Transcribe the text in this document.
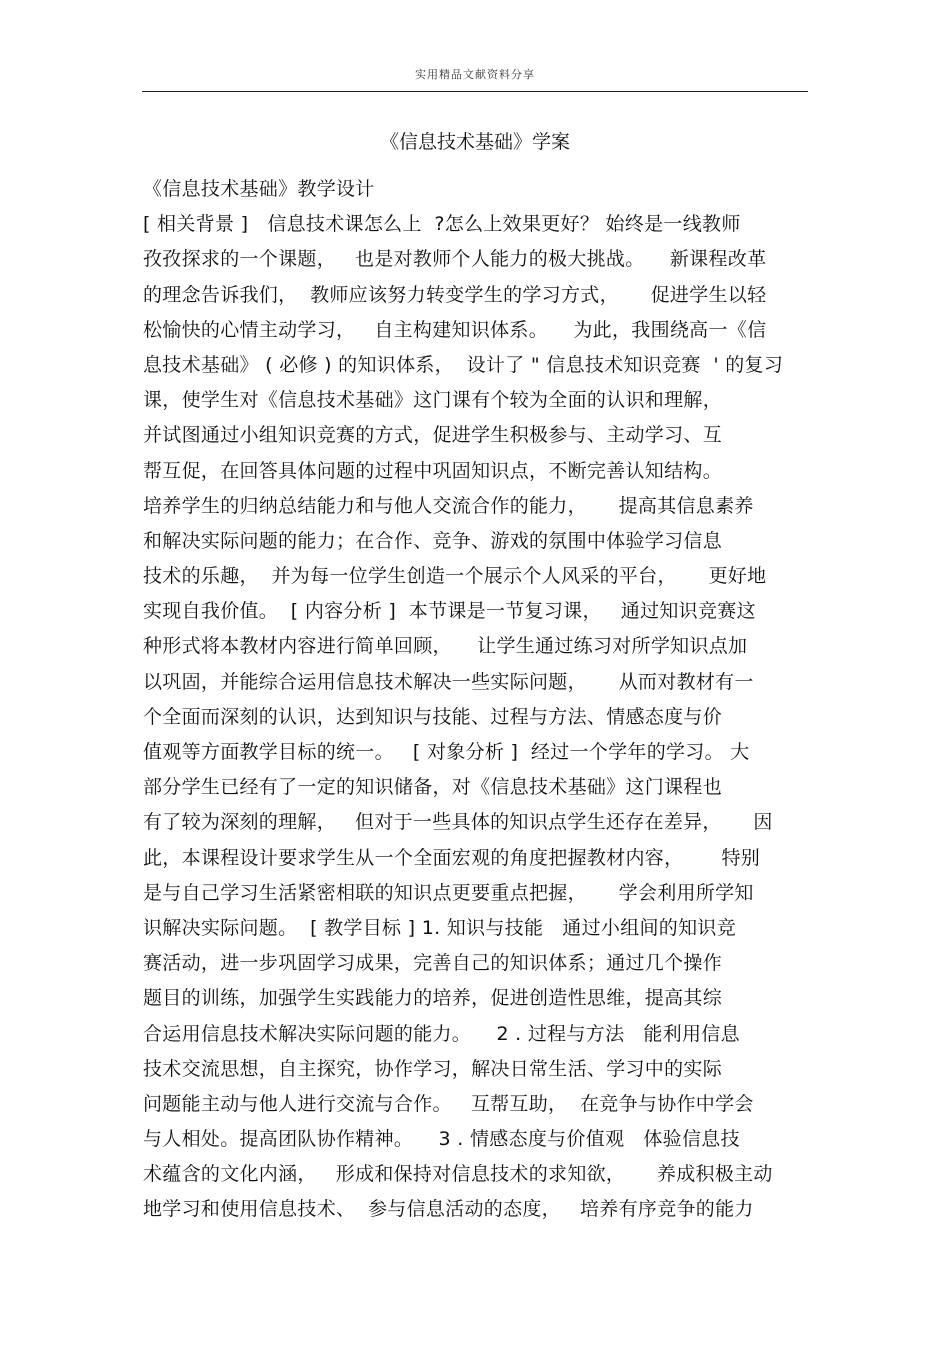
实用精品文献资料分享
《信息技术基础》学案
《信息技术基础》教学设计
[ 相关背景 ]   信息技术课怎么上  ?怎么上效果更好？ 始终是一线教师
孜孜探求的一个课题，   也是对教师个人能力的极大挑战。    新课程改革
的理念告诉我们，  教师应该努力转变学生的学习方式，     促进学生以轻
松愉快的心情主动学习，   自主构建知识体系。    为此，我围绕高一《信
息技术基础》 ( 必修 ) 的知识体系，  设计了 " 信息技术知识竞赛  ' 的复习
课，使学生对《信息技术基础》这门课有个较为全面的认识和理解，
并试图通过小组知识竞赛的方式，促进学生积极参与、主动学习、互
帮互促，在回答具体问题的过程中巩固知识点，不断完善认知结构。
培养学生的归纳总结能力和与他人交流合作的能力，     提高其信息素养
和解决实际问题的能力；在合作、竞争、游戏的氛围中体验学习信息
技术的乐趣，  并为每一位学生创造一个展示个人风采的平台，     更好地
实现自我价值。  [ 内容分析 ]  本节课是一节复习课，   通过知识竞赛这
种形式将本教材内容进行简单回顾，    让学生通过练习对所学知识点加
以巩固，并能综合运用信息技术解决一些实际问题，     从而对教材有一
个全面而深刻的认识，达到知识与技能、过程与方法、情感态度与价
值观等方面教学目标的统一。   [ 对象分析 ]  经过一个学年的学习。 大
部分学生已经有了一定的知识储备，对《信息技术基础》这门课程也
有了较为深刻的理解，   但对于一些具体的知识点学生还存在差异，     因
此，本课程设计要求学生从一个全面宏观的角度把握教材内容，      特别
是与自己学习生活紧密相联的知识点更要重点把握，     学会利用所学知
识解决实际问题。  [ 教学目标 ] 1. 知识与技能   通过小组间的知识竞
赛活动，进一步巩固学习成果，完善自己的知识体系；通过几个操作
题目的训练，加强学生实践能力的培养，促进创造性思维，提高其综
合运用信息技术解决实际问题的能力。    2 . 过程与方法   能利用信息
技术交流思想，自主探究，协作学习，解决日常生活、学习中的实际
问题能主动与他人进行交流与合作。   互帮互助，  在竞争与协作中学会
与人相处。提高团队协作精神。    3 . 情感态度与价值观   体验信息技
术蕴含的文化内涵，   形成和保持对信息技术的求知欲，     养成积极主动
地学习和使用信息技术、  参与信息活动的态度，   培养有序竞争的能力
